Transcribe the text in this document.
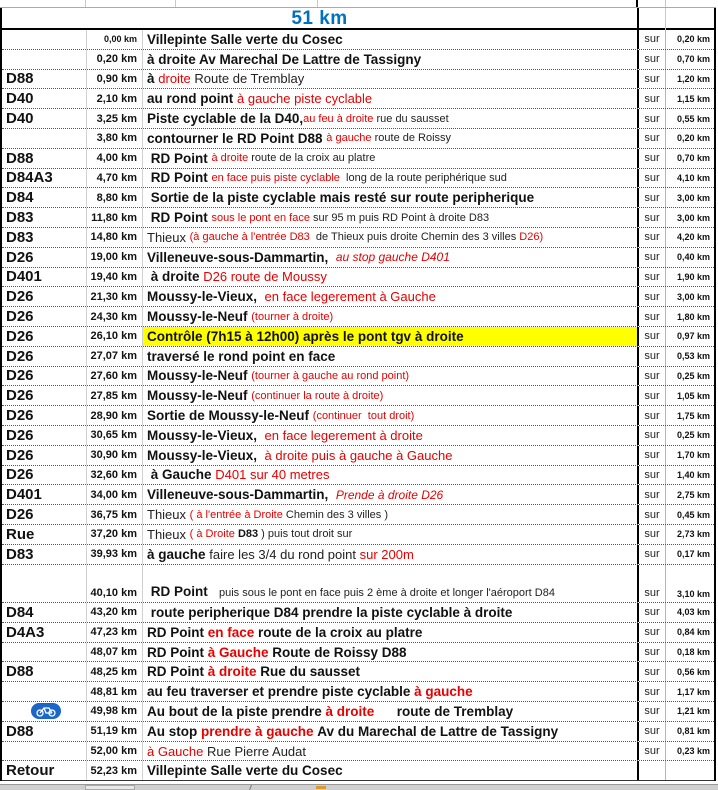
51 km
0,00 km Villepinte Salle verte du Cosec	sur	0,20 km
0,20 km à droite Av Marechal De Lattre de Tassigny	sur	0,70 km
D88	0,90 km à droite Route de Tremblay	sur	1,20 km
D40	2,10 km au rond point à gauche piste cyclable	sur	1,15 km
D40	3,25 km Piste cyclable de la D40, au feu à droite rue du sausset	sur	0,55 km
3,80 km contourner le RD Point D88 à gauche route de Roissy	sur	0,20 km
D88	4,00 km RD Point à droite route de la croix au platre	sur	0,70 km
D84A3	4,70 km RD Point en face puis piste cyclable long de la route periphérique sud	sur	4,10 km
D84	8,80 km Sortie de la piste cyclable mais resté sur route peripherique	sur	3,00 km
D83	11,80 km RD Point sous le pont en face sur 95 m puis RD Point à droite D83	sur	3,00 km
D83	14,80 km Thieux (à gauche à l'entrée D83 de Thieux puis droite Chemin des 3 villes D26)	sur	4,20 km
D26	19,00 km Villeneuve-sous-Dammartin, au stop gauche D401	sur	0,40 km
D401	19,40 km à droite D26 route de Moussy	sur	1,90 km
D26	21,30 km Moussy-le-Vieux, en face legerement à Gauche	sur	3,00 km
D26	24,30 km Moussy-le-Neuf (tourner à droite)	sur	1,80 km
D26	26,10 km Contrôle (7h15 à 12h00) après le pont tgv à droite	sur	0,97 km
D26	27,07 km traversé le rond point en face	sur	0,53 km
D26	27,60 km Moussy-le-Neuf (tourner à gauche au rond point)	sur	0,25 km
D26	27,85 km Moussy-le-Neuf (continuer la route à droite)	sur	1,05 km
D26	28,90 km Sortie de Moussy-le-Neuf (continuer  tout droit)	sur	1,75 km
D26	30,65 km Moussy-le-Vieux, en face legerement à droite	sur	0,25 km
D26	30,90 km Moussy-le-Vieux, à droite puis à gauche à Gauche	sur	1,70 km
D26	32,60 km à Gauche D401 sur 40 metres	sur	1,40 km
D401	34,00 km Villeneuve-sous-Dammartin, Prende à droite D26	sur	2,75 km
D26	36,75 km Thieux ( à l'entrée à Droite Chemin des 3 villes )	sur	0,45 km
Rue	37,20 km Thieux ( à Droite D83 ) puis tout droit sur	sur	2,73 km
D83	39,93 km à gauche faire les 3/4 du rond point sur 200m	sur	0,17 km
40,10 km RD Point puis sous le pont en face puis 2 ème à droite et longer l'aéroport D84	sur	3,10 km
D84	43,20 km route peripherique D84 prendre la piste cyclable à droite	sur	4,03 km
D4A3	47,23 km RD Point en face route de la croix au platre	sur	0,84 km
48,07 km RD Point à Gauche Route de Roissy D88	sur	0,18 km
D88	48,25 km RD Point à droite Rue du sausset	sur	0,56 km
48,81 km au feu traverser et prendre piste cyclable à gauche	sur	1,17 km
49,98 km Au bout de la piste prendre à droite route de Tremblay	sur	1,21 km
D88	51,19 km Au stop prendre à gauche Av du Marechal de Lattre de Tassigny	sur	0,81 km
52,00 km à Gauche Rue Pierre Audat	sur	0,23 km
Retour	52,23 km Villepinte Salle verte du Cosec
